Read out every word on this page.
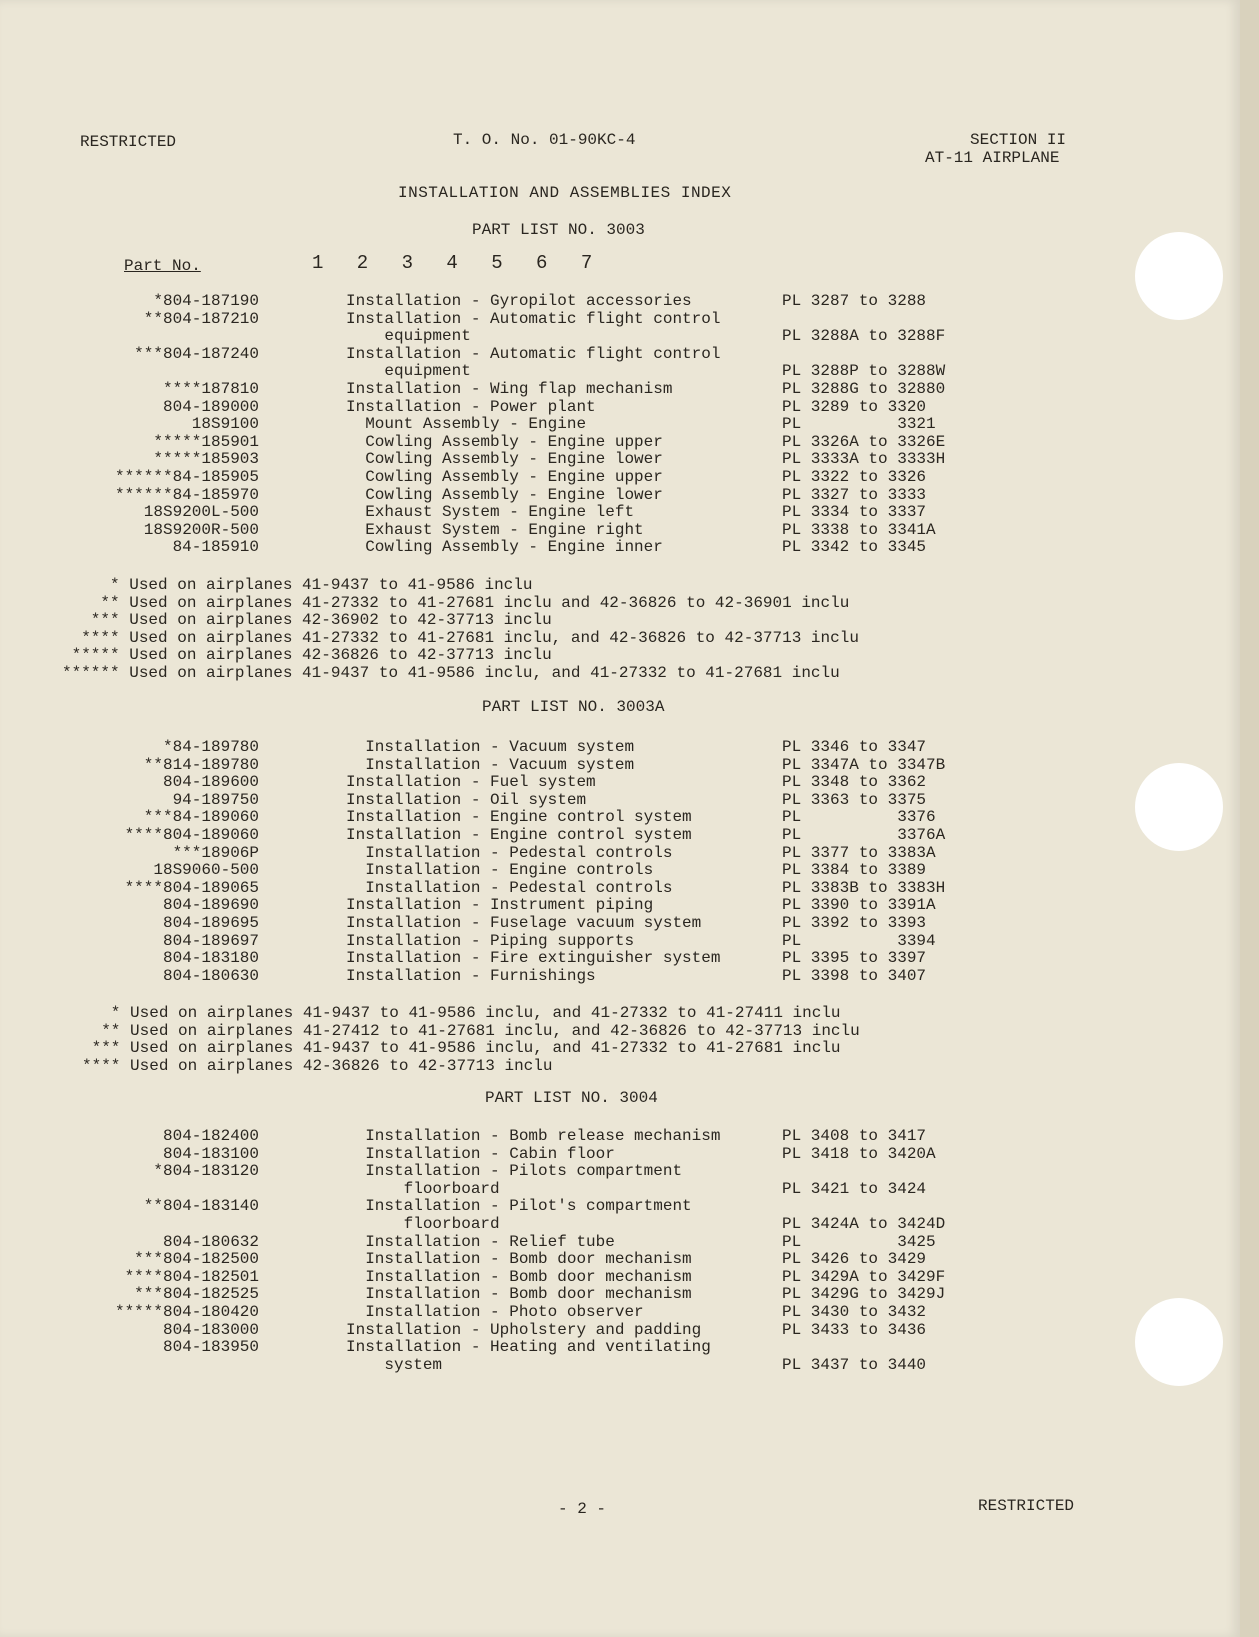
RESTRICTED	T. O. No. 01-90KC-4	SECTION II
AT-11 AIRPLANE
INSTALLATION AND ASSEMBLIES INDEX
PART LIST NO. 3003
Part No.	1 2 3 4 5 6 7
*804-187190	Installation - Gyropilot accessories	PL 3287 to 3288
**804-187210	Installation - Automatic flight control
equipment	PL 3288A to 3288F
***804-187240	Installation - Automatic flight control
equipment	PL 3288P to 3288W
****187810	Installation - Wing flap mechanism	PL 3288G to 32880
804-189000	Installation - Power plant	PL 3289 to 3320
18S9100	Mount Assembly - Engine	PL          3321
*****185901	Cowling Assembly - Engine upper	PL 3326A to 3326E
*****185903	Cowling Assembly - Engine lower	PL 3333A to 3333H
******84-185905	Cowling Assembly - Engine upper	PL 3322 to 3326
******84-185970	Cowling Assembly - Engine lower	PL 3327 to 3333
18S9200L-500	Exhaust System - Engine left	PL 3334 to 3337
18S9200R-500	Exhaust System - Engine right	PL 3338 to 3341A
84-185910	Cowling Assembly - Engine inner	PL 3342 to 3345
* Used on airplanes 41-9437 to 41-9586 inclu
** Used on airplanes 41-27332 to 41-27681 inclu and 42-36826 to 42-36901 inclu
*** Used on airplanes 42-36902 to 42-37713 inclu
**** Used on airplanes 41-27332 to 41-27681 inclu, and 42-36826 to 42-37713 inclu
***** Used on airplanes 42-36826 to 42-37713 inclu
****** Used on airplanes 41-9437 to 41-9586 inclu, and 41-27332 to 41-27681 inclu
PART LIST NO. 3003A
*84-189780	Installation - Vacuum system	PL 3346 to 3347
**814-189780	Installation - Vacuum system	PL 3347A to 3347B
804-189600	Installation - Fuel system	PL 3348 to 3362
94-189750	Installation - Oil system	PL 3363 to 3375
***84-189060	Installation - Engine control system	PL          3376
****804-189060	Installation - Engine control system	PL          3376A
***18906P	Installation - Pedestal controls	PL 3377 to 3383A
18S9060-500	Installation - Engine controls	PL 3384 to 3389
****804-189065	Installation - Pedestal controls	PL 3383B to 3383H
804-189690	Installation - Instrument piping	PL 3390 to 3391A
804-189695	Installation - Fuselage vacuum system	PL 3392 to 3393
804-189697	Installation - Piping supports	PL          3394
804-183180	Installation - Fire extinguisher system	PL 3395 to 3397
804-180630	Installation - Furnishings	PL 3398 to 3407
* Used on airplanes 41-9437 to 41-9586 inclu, and 41-27332 to 41-27411 inclu
** Used on airplanes 41-27412 to 41-27681 inclu, and 42-36826 to 42-37713 inclu
*** Used on airplanes 41-9437 to 41-9586 inclu, and 41-27332 to 41-27681 inclu
**** Used on airplanes 42-36826 to 42-37713 inclu
PART LIST NO. 3004
804-182400	Installation - Bomb release mechanism	PL 3408 to 3417
804-183100	Installation - Cabin floor	PL 3418 to 3420A
*804-183120	Installation - Pilots compartment
floorboard	PL 3421 to 3424
**804-183140	Installation - Pilot's compartment
floorboard	PL 3424A to 3424D
804-180632	Installation - Relief tube	PL          3425
***804-182500	Installation - Bomb door mechanism	PL 3426 to 3429
****804-182501	Installation - Bomb door mechanism	PL 3429A to 3429F
***804-182525	Installation - Bomb door mechanism	PL 3429G to 3429J
*****804-180420	Installation - Photo observer	PL 3430 to 3432
804-183000	Installation - Upholstery and padding	PL 3433 to 3436
804-183950	Installation - Heating and ventilating
system	PL 3437 to 3440
- 2 -	RESTRICTED
